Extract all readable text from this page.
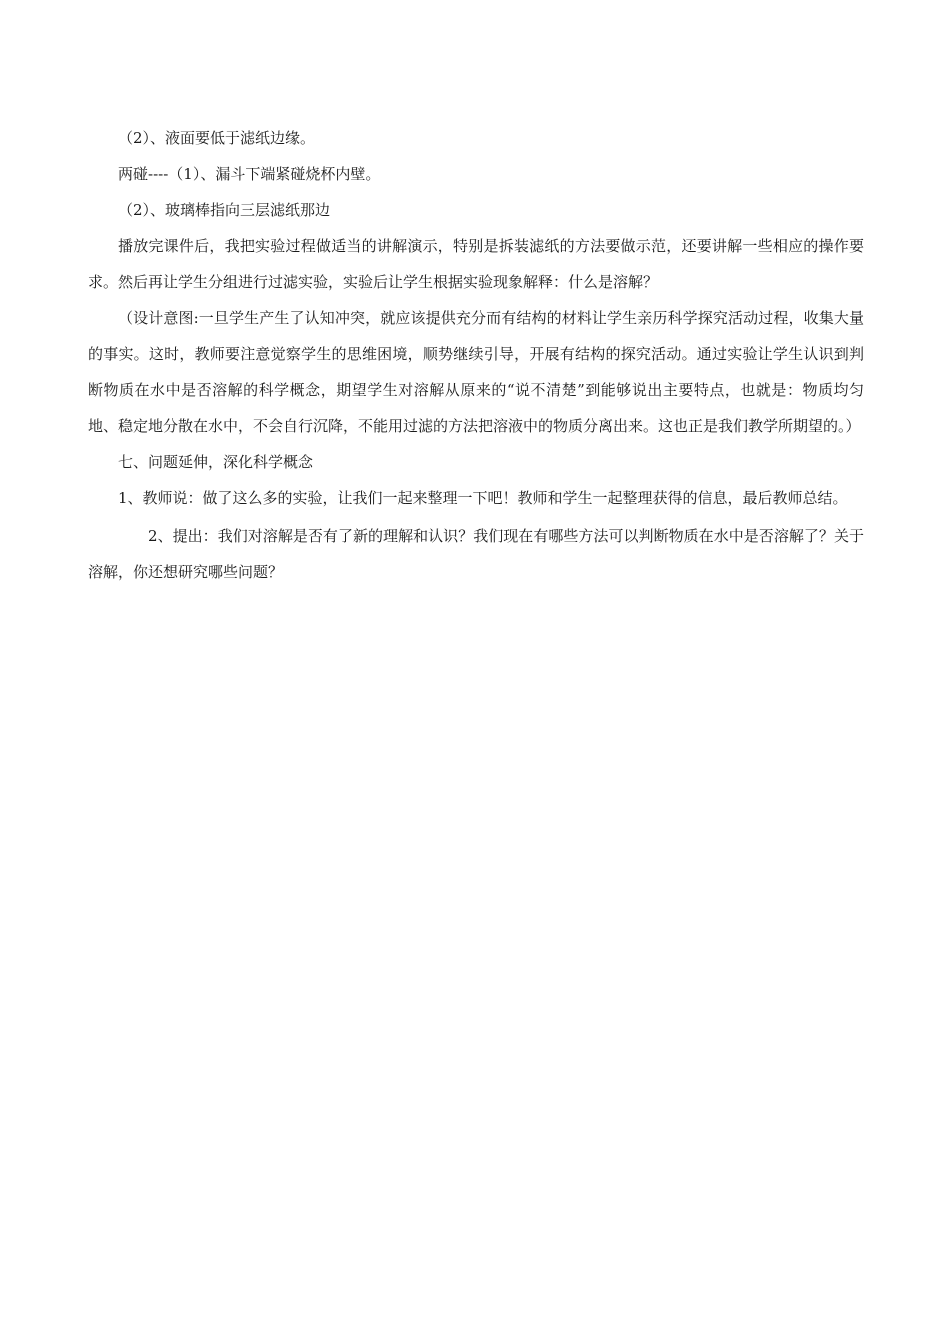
（2）、液面要低于滤纸边缘。

两碰----（1）、漏斗下端紧碰烧杯内壁。

（2）、玻璃棒指向三层滤纸那边

播放完课件后，我把实验过程做适当的讲解演示，特别是拆装滤纸的方法要做示范，还要讲解一些相应的操作要求。然后再让学生分组进行过滤实验，实验后让学生根据实验现象解释：什么是溶解？

（设计意图:一旦学生产生了认知冲突，就应该提供充分而有结构的材料让学生亲历科学探究活动过程，收集大量的事实。这时，教师要注意觉察学生的思维困境，顺势继续引导，开展有结构的探究活动。通过实验让学生认识到判断物质在水中是否溶解的科学概念，期望学生对溶解从原来的“说不清楚”到能够说出主要特点，也就是：物质均匀地、稳定地分散在水中，不会自行沉降，不能用过滤的方法把溶液中的物质分离出来。这也正是我们教学所期望的。）

七、问题延伸，深化科学概念

1、教师说：做了这么多的实验，让我们一起来整理一下吧！教师和学生一起整理获得的信息，最后教师总结。

2、提出：我们对溶解是否有了新的理解和认识？我们现在有哪些方法可以判断物质在水中是否溶解了？关于溶解，你还想研究哪些问题？
